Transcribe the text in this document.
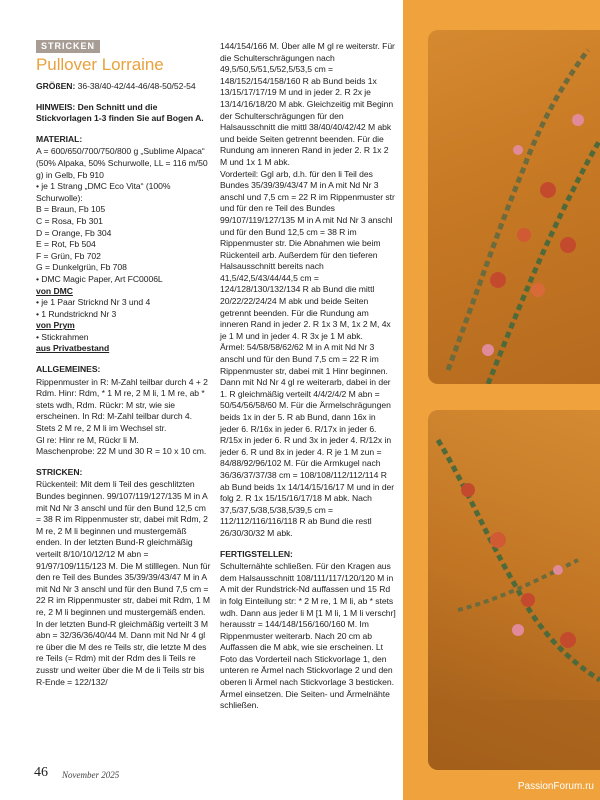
STRICKEN
Pullover Lorraine

GRÖßEN: 36-38/40-42/44-46/48-50/52-54

HINWEIS: Den Schnitt und die Stickvorlagen 1-3 finden Sie auf Bogen A.

MATERIAL:

A = 600/650/700/750/800 g „Sublime Alpaca“ (50% Alpaka, 50% Schurwolle, LL = 116 m/50 g) in Gelb, Fb 910

• je 1 Strang „DMC Eco Vita“ (100% Schurwolle):

B = Braun, Fb 105

C = Rosa, Fb 301

D = Orange, Fb 304

E = Rot, Fb 504

F = Grün, Fb 702

G = Dunkelgrün, Fb 708

• DMC Magic Paper, Art FC0006L

von DMC

• je 1 Paar Stricknd Nr 3 und 4

• 1 Rundstricknd Nr 3

von Prym

• Stickrahmen

aus Privatbestand

ALLGEMEINES:

Rippenmuster in R: M-Zahl teilbar durch 4 + 2 Rdm. Hinr: Rdm, * 1 M re, 2 M li, 1 M re, ab * stets wdh, Rdm. Rückr: M str, wie sie erscheinen. In Rd: M-Zahl teilbar durch 4. Stets 2 M re, 2 M li im Wechsel str.

Gl re: Hinr re M, Rückr li M.

Maschenprobe: 22 M und 30 R = 10 x 10 cm.

STRICKEN:

Rückenteil: Mit dem li Teil des geschlitzten Bundes beginnen. 99/107/119/127/135 M in A mit Nd Nr 3 anschl und für den Bund 12,5 cm = 38 R im Rippenmuster str, dabei mit Rdm, 2 M re, 2 M li beginnen und mustergemäß enden. In der letzten Bund-R gleichmäßig verteilt 8/10/10/12/12 M abn = 91/97/109/115/123 M. Die M stilllegen. Nun für den re Teil des Bundes 35/39/39/43/47 M in A mit Nd Nr 3 anschl und für den Bund 7,5 cm = 22 R im Rippenmuster str, dabei mit Rdm, 1 M re, 2 M li beginnen und mustergemäß enden. In der letzten Bund-R gleichmäßig verteilt 3 M abn = 32/36/36/40/44 M. Dann mit Nd Nr 4 gl re über die M des re Teils str, die letzte M des re Teils (= Rdm) mit der Rdm des li Teils re zusstr und weiter über die M de li Teils str bis R-Ende = 122/132/

144/154/166 M. Über alle M gl re weiterstr. Für die Schulterschrägungen nach 49,5/50,5/51,5/52,5/53,5 cm = 148/152/154/158/160 R ab Bund beids 1x 13/15/17/17/19 M und in jeder 2. R 2x je 13/14/16/18/20 M abk. Gleichzeitig mit Beginn der Schulterschrägungen für den Halsausschnitt die mittl 38/40/40/42/42 M abk und beide Seiten getrennt beenden. Für die Rundung am inneren Rand in jeder 2. R 1x 2 M und 1x 1 M abk.

Vorderteil: Ggl arb, d.h. für den li Teil des Bundes 35/39/39/43/47 M in A mit Nd Nr 3 anschl und 7,5 cm = 22 R im Rippenmuster str und für den re Teil des Bundes 99/107/119/127/135 M in A mit Nd Nr 3 anschl und für den Bund 12,5 cm = 38 R im Rippenmuster str. Die Abnahmen wie beim Rückenteil arb. Außerdem für den tieferen Halsausschnitt bereits nach 41,5/42,5/43/44/44,5 cm = 124/128/130/132/134 R ab Bund die mittl 20/22/22/24/24 M abk und beide Seiten getrennt beenden. Für die Rundung am inneren Rand in jeder 2. R 1x 3 M, 1x 2 M, 4x je 1 M und in jeder 4. R 3x je 1 M abk.

Ärmel: 54/58/58/62/62 M in A mit Nd Nr 3 anschl und für den Bund 7,5 cm = 22 R im Rippenmuster str, dabei mit 1 Hinr beginnen. Dann mit Nd Nr 4 gl re weiterarb, dabei in der 1. R gleichmäßig verteilt 4/4/2/4/2 M abn = 50/54/56/58/60 M. Für die Ärmelschrägungen beids 1x in der 5. R ab Bund, dann 16x in jeder 6. R/16x in jeder 6. R/17x in jeder 6. R/15x in jeder 6. R und 3x in jeder 4. R/12x in jeder 6. R und 8x in jeder 4. R je 1 M zun = 84/88/92/96/102 M. Für die Armkugel nach 36/36/37/37/38 cm = 108/108/112/112/114 R ab Bund beids 1x 14/14/15/16/17 M und in der folg 2. R 1x 15/15/16/17/18 M abk. Nach 37,5/37,5/38,5/38,5/39,5 cm = 112/112/116/116/118 R ab Bund die restl 26/30/30/32 M abk.

FERTIGSTELLEN:

Schulternähte schließen. Für den Kragen aus dem Halsausschnitt 108/111/117/120/120 M in A mit der Rundstrick-Nd auffassen und 15 Rd in folg Einteilung str: * 2 M re, 1 M li, ab * stets wdh. Dann aus jeder li M [1 M li, 1 M li verschr] herausstr = 144/148/156/160/160 M. Im Rippenmuster weiterarb. Nach 20 cm ab Auffassen die M abk, wie sie erscheinen. Lt Foto das Vorderteil nach Stickvorlage 1, den unteren re Ärmel nach Stickvorlage 2 und den oberen li Ärmel nach Stickvorlage 3 besticken. Ärmel einsetzen. Die Seiten- und Ärmelnähte schließen.

46 November 2025
PassionForum.ru
